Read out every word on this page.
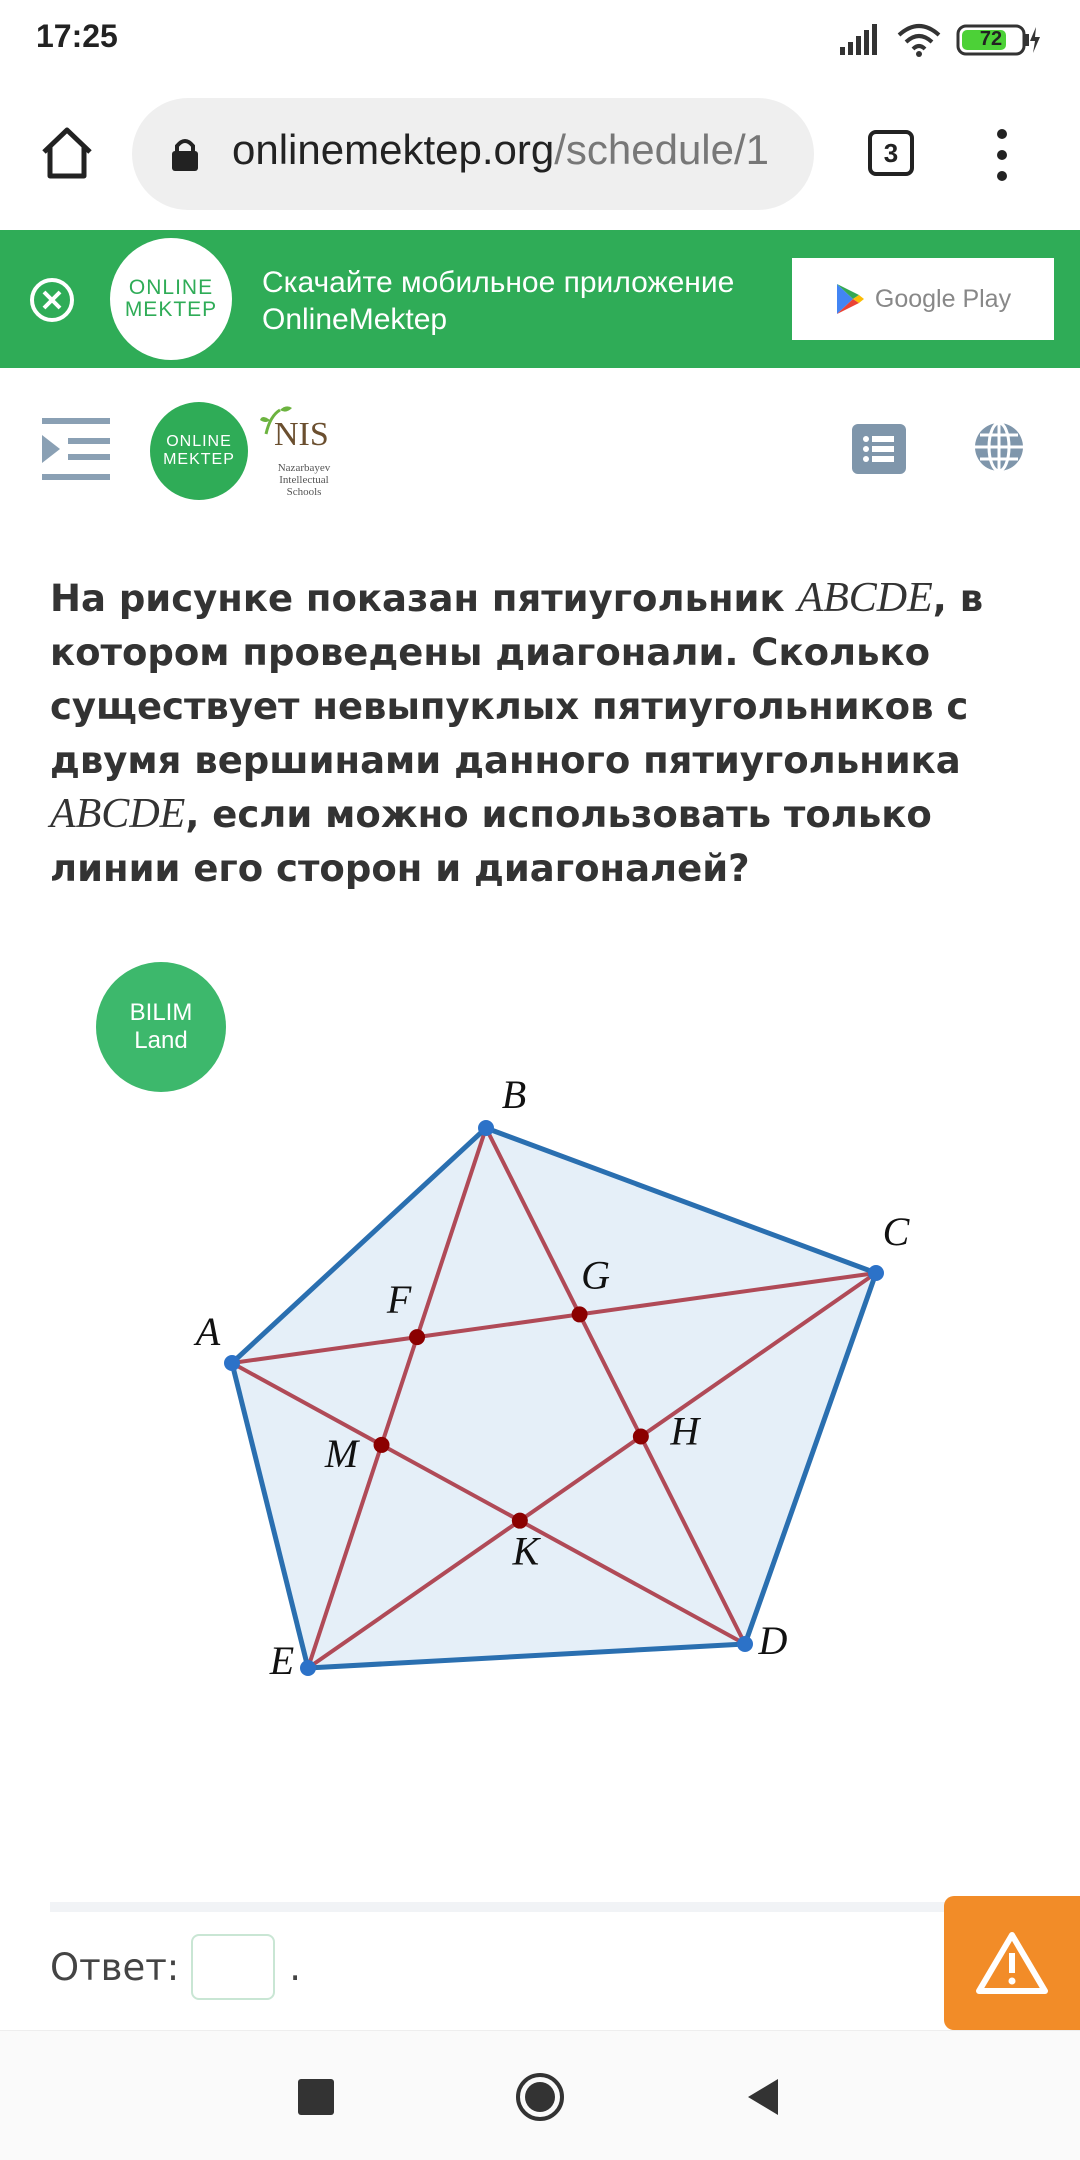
17:25	72
onlinemektep.org/schedule/1	3
ONLINE
MEKTEP
Скачайте мобильное приложение
OnlineMektep
Google Play
ONLINE
MEKTEP
NIS
Nazarbayev
Intellectual
Schools
На рисунке показан пятиугольник ABCDE, в котором проведены диагонали. Сколько существует невыпуклых пятиугольников с двумя вершинами данного пятиугольника ABCDE, если можно использовать только линии его сторон и диагоналей?
BILIM
Land
A
B
C
D
E
F
G
H
K
M
Ответ:	.
